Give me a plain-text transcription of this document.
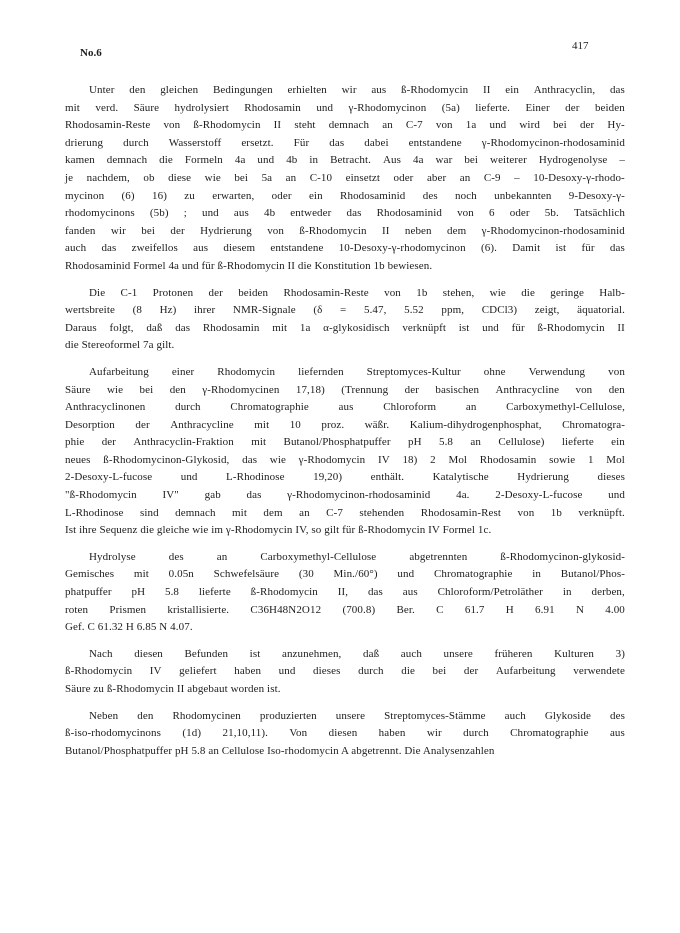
No.6
417
Unter den gleichen Bedingungen erhielten wir aus ß-Rhodomycin II ein Anthracyclin, das
mit verd. Säure hydrolysiert Rhodosamin und γ-Rhodomycinon (5a) lieferte. Einer der beiden
Rhodosamin-Reste von ß-Rhodomycin II steht demnach an C-7 von 1a und wird bei der Hy-
drierung durch Wasserstoff ersetzt. Für das dabei entstandene γ-Rhodomycinon-rhodosaminid
kamen demnach die Formeln 4a und 4b in Betracht. Aus 4a war bei weiterer Hydrogenolyse –
je nachdem, ob diese wie bei 5a an C-10 einsetzt oder aber an C-9 – 10-Desoxy-γ-rhodo-
mycinon (6) 16) zu erwarten, oder ein Rhodosaminid des noch unbekannten 9-Desoxy-γ-
rhodomycinons (5b) ; und aus 4b entweder das Rhodosaminid von 6 oder 5b. Tatsächlich
fanden wir bei der Hydrierung von ß-Rhodomycin II neben dem γ-Rhodomycinon-rhodosaminid
auch das zweifellos aus diesem entstandene 10-Desoxy-γ-rhodomycinon (6). Damit ist für das
Rhodosaminid Formel 4a und für ß-Rhodomycin II die Konstitution 1b bewiesen.
Die C-1 Protonen der beiden Rhodosamin-Reste von 1b stehen, wie die geringe Halb-
wertsbreite (8 Hz) ihrer NMR-Signale (δ = 5.47, 5.52 ppm, CDCl3) zeigt, äquatorial.
Daraus folgt, daß das Rhodosamin mit 1a α-glykosidisch verknüpft ist und für ß-Rhodomycin II
die Stereoformel 7a gilt.
Aufarbeitung einer Rhodomycin liefernden Streptomyces-Kultur ohne Verwendung von
Säure wie bei den γ-Rhodomycinen 17,18) (Trennung der basischen Anthracycline von den
Anthracyclinonen	durch	Chromatographie	aus	Chloroform	an	Carboxymethyl-Cellulose,
Desorption der Anthracycline mit 10 proz. wäßr. Kalium-dihydrogenphosphat, Chromatogra-
phie der Anthracyclin-Fraktion mit Butanol/Phosphatpuffer pH 5.8 an Cellulose) lieferte ein
neues ß-Rhodomycinon-Glykosid, das wie γ-Rhodomycin IV 18) 2 Mol Rhodosamin sowie 1 Mol
2-Desoxy-L-fucose	und	L-Rhodinose	19,20)	enthält.	Katalytische	Hydrierung	dieses
"ß-Rhodomycin IV" gab das γ-Rhodomycinon-rhodosaminid 4a. 2-Desoxy-L-fucose und
L-Rhodinose sind demnach mit dem an C-7 stehenden Rhodosamin-Rest von 1b verknüpft.
Ist ihre Sequenz die gleiche wie im γ-Rhodomycin IV, so gilt für ß-Rhodomycin IV Formel 1c.
Hydrolyse	des	an	Carboxymethyl-Cellulose	abgetrennten	ß-Rhodomycinon-glykosid-
Gemisches mit 0.05n Schwefelsäure (30 Min./60°) und Chromatographie in Butanol/Phos-
phatpuffer pH 5.8 lieferte ß-Rhodomycin II, das aus Chloroform/Petroläther in derben,
roten Prismen kristallisierte. C36H48N2O12 (700.8) Ber. C 61.7 H 6.91 N 4.00
Gef. C 61.32 H 6.85 N 4.07.
Nach diesen Befunden ist anzunehmen, daß auch unsere früheren Kulturen 3)
ß-Rhodomycin IV geliefert haben und dieses durch die bei der Aufarbeitung verwendete
Säure zu ß-Rhodomycin II abgebaut worden ist.
Neben den Rhodomycinen produzierten unsere Streptomyces-Stämme auch Glykoside des
ß-iso-rhodomycinons (1d) 21,10,11). Von diesen haben wir durch Chromatographie aus
Butanol/Phosphatpuffer pH 5.8 an Cellulose Iso-rhodomycin A abgetrennt. Die Analysenzahlen
